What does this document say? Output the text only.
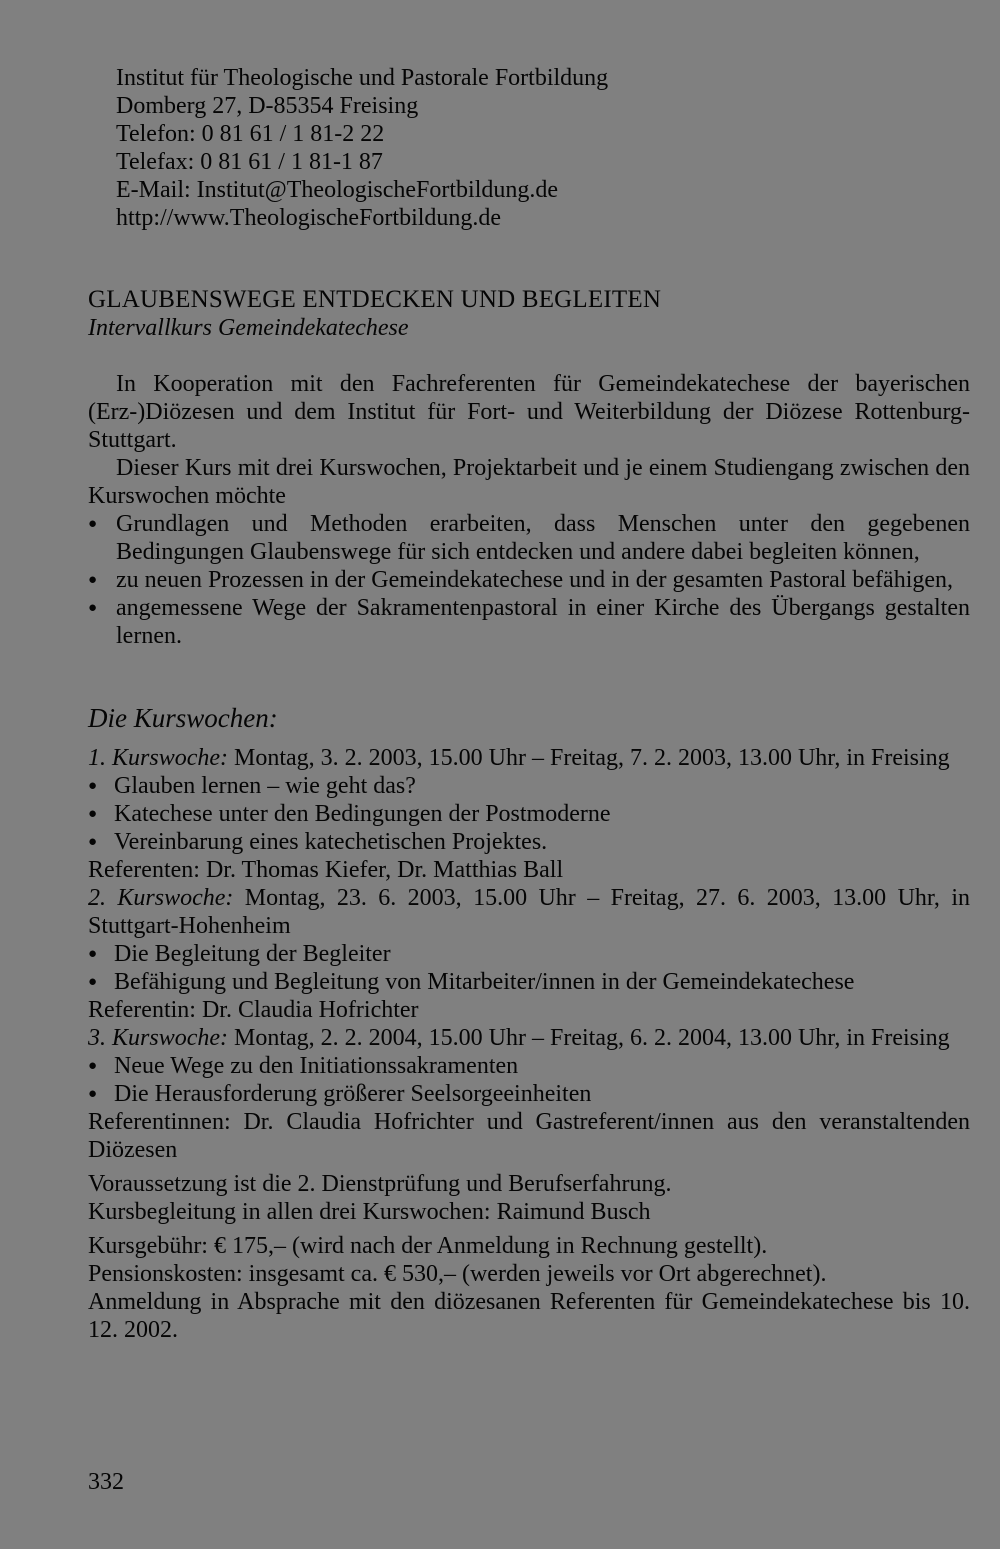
Institut für Theologische und Pastorale Fortbildung
Domberg 27, D-85354 Freising
Telefon: 0 81 61 / 1 81-2 22
Telefax: 0 81 61 / 1 81-1 87
E-Mail: Institut@TheologischeFortbildung.de
http://www.TheologischeFortbildung.de
GLAUBENSWEGE ENTDECKEN UND BEGLEITEN
Intervallkurs Gemeindekatechese

In Kooperation mit den Fachreferenten für Gemeindekatechese der bayerischen (Erz-)Diözesen und dem Institut für Fort- und Weiterbildung der Diözese Rottenburg-Stuttgart.

Dieser Kurs mit drei Kurswochen, Projektarbeit und je einem Studiengang zwischen den Kurswochen möchte

● Grundlagen und Methoden erarbeiten, dass Menschen unter den gegebenen Bedingungen Glaubenswege für sich entdecken und andere dabei begleiten können,
● zu neuen Prozessen in der Gemeindekatechese und in der gesamten Pastoral befähigen,
● angemessene Wege der Sakramentenpastoral in einer Kirche des Übergangs gestalten lernen.
Die Kurswochen:

1. Kurswoche: Montag, 3. 2. 2003, 15.00 Uhr – Freitag, 7. 2. 2003, 13.00 Uhr, in Freising

● Glauben lernen – wie geht das?
● Katechese unter den Bedingungen der Postmoderne
● Vereinbarung eines katechetischen Projektes.
Referenten: Dr. Thomas Kiefer, Dr. Matthias Ball

2. Kurswoche: Montag, 23. 6. 2003, 15.00 Uhr – Freitag, 27. 6. 2003, 13.00 Uhr, in Stuttgart-Hohenheim

● Die Begleitung der Begleiter
● Befähigung und Begleitung von Mitarbeiter/innen in der Gemeindekatechese
Referentin: Dr. Claudia Hofrichter

3. Kurswoche: Montag, 2. 2. 2004, 15.00 Uhr – Freitag, 6. 2. 2004, 13.00 Uhr, in Freising

● Neue Wege zu den Initiationssakramenten
● Die Herausforderung größerer Seelsorgeeinheiten

Referentinnen: Dr. Claudia Hofrichter und Gastreferent/innen aus den veranstaltenden Diözesen

Voraussetzung ist die 2. Dienstprüfung und Berufserfahrung.
Kursbegleitung in allen drei Kurswochen: Raimund Busch
Kursgebühr: € 175,– (wird nach der Anmeldung in Rechnung gestellt).
Pensionskosten: insgesamt ca. € 530,– (werden jeweils vor Ort abgerechnet).

Anmeldung in Absprache mit den diözesanen Referenten für Gemeindekatechese bis 10. 12. 2002.

332
